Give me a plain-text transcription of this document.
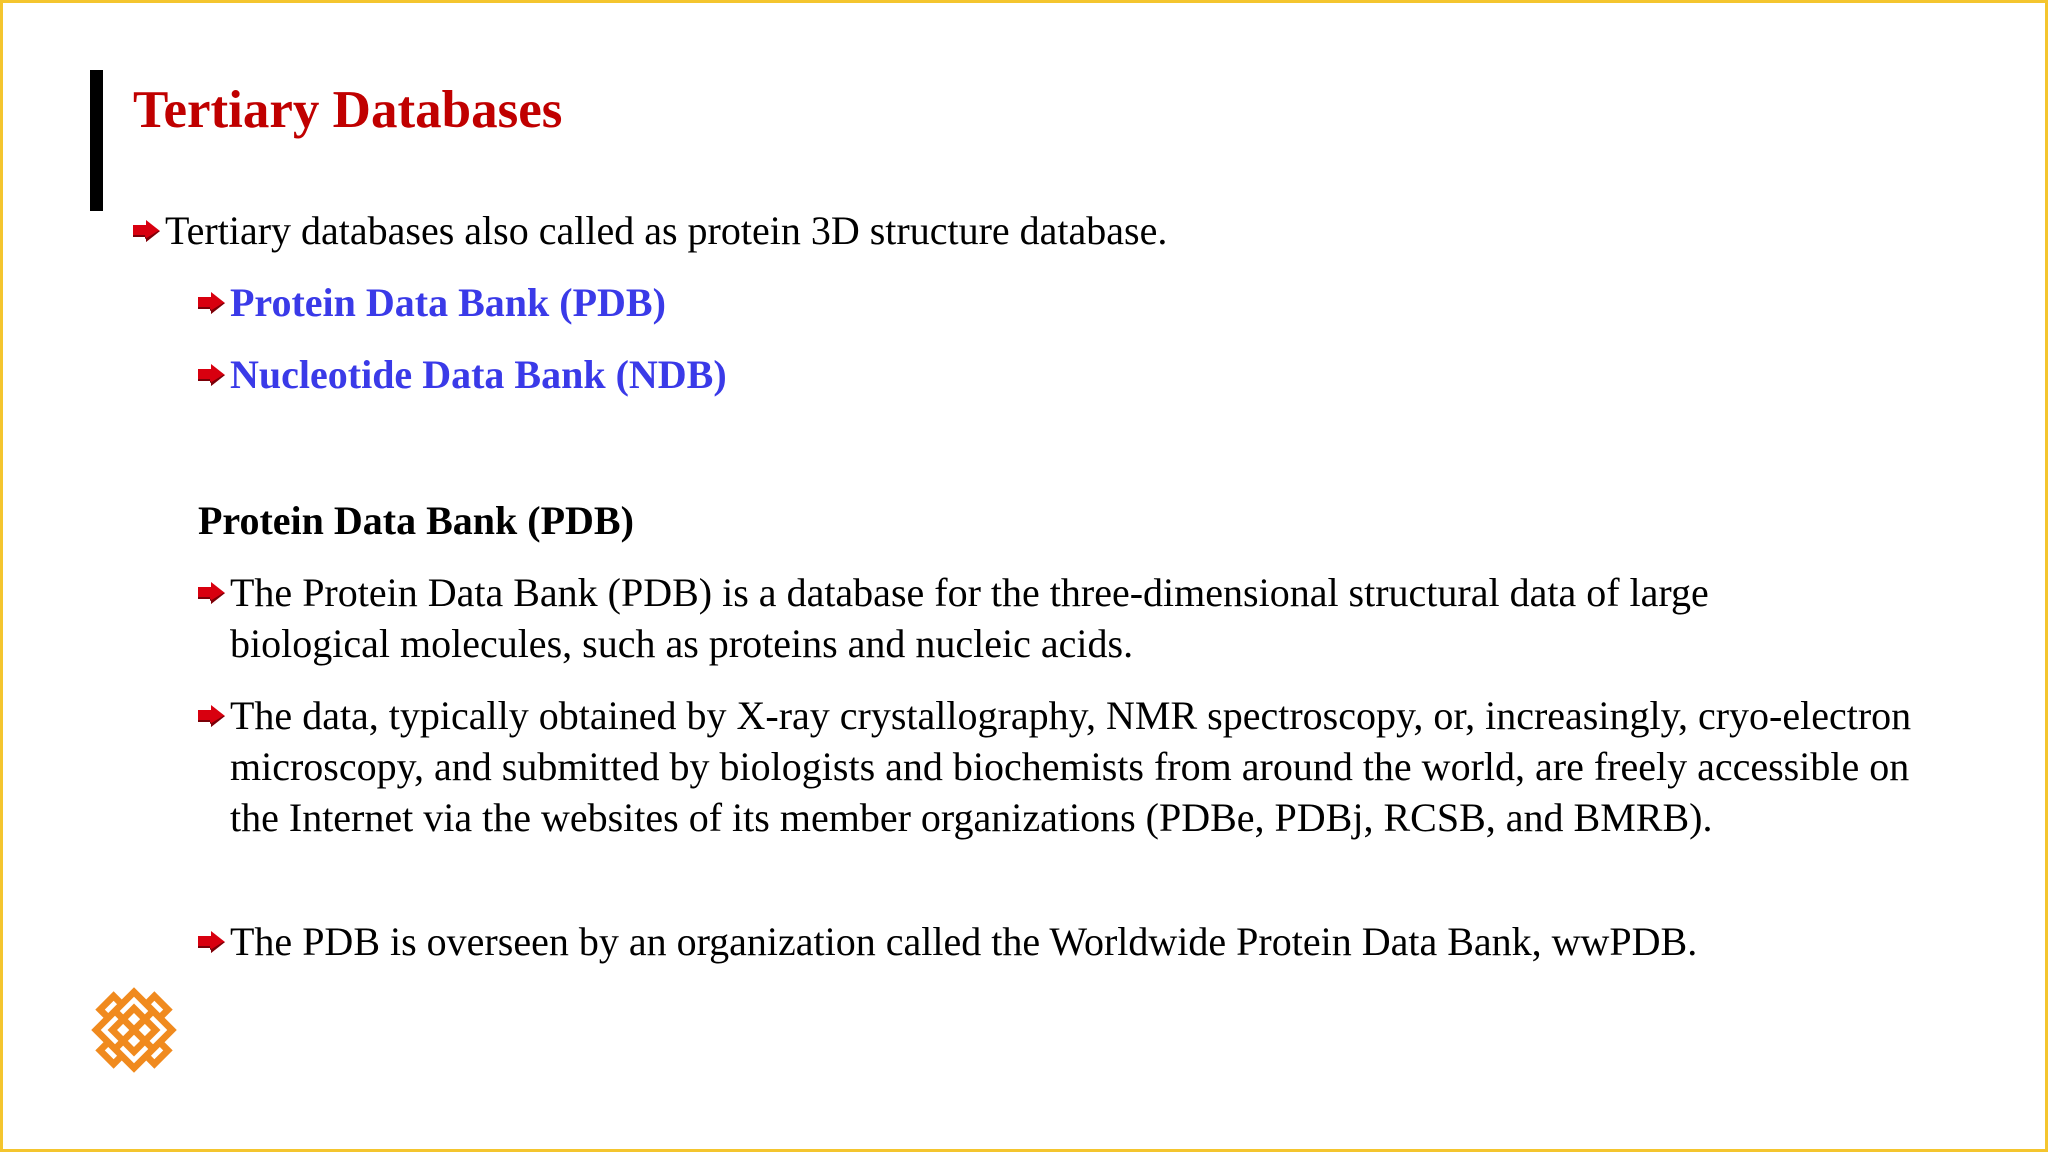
Tertiary Databases
Tertiary databases also called as protein 3D structure database.
Protein Data Bank (PDB)
Nucleotide Data Bank (NDB)
Protein Data Bank (PDB)
The Protein Data Bank (PDB) is a database for the three-dimensional structural data of large biological molecules, such as proteins and nucleic acids.
The data, typically obtained by X-ray crystallography, NMR spectroscopy, or, increasingly, cryo-electron microscopy, and submitted by biologists and biochemists from around the world, are freely accessible on the Internet via the websites of its member organizations (PDBe, PDBj, RCSB, and BMRB).
The PDB is overseen by an organization called the Worldwide Protein Data Bank, wwPDB.
